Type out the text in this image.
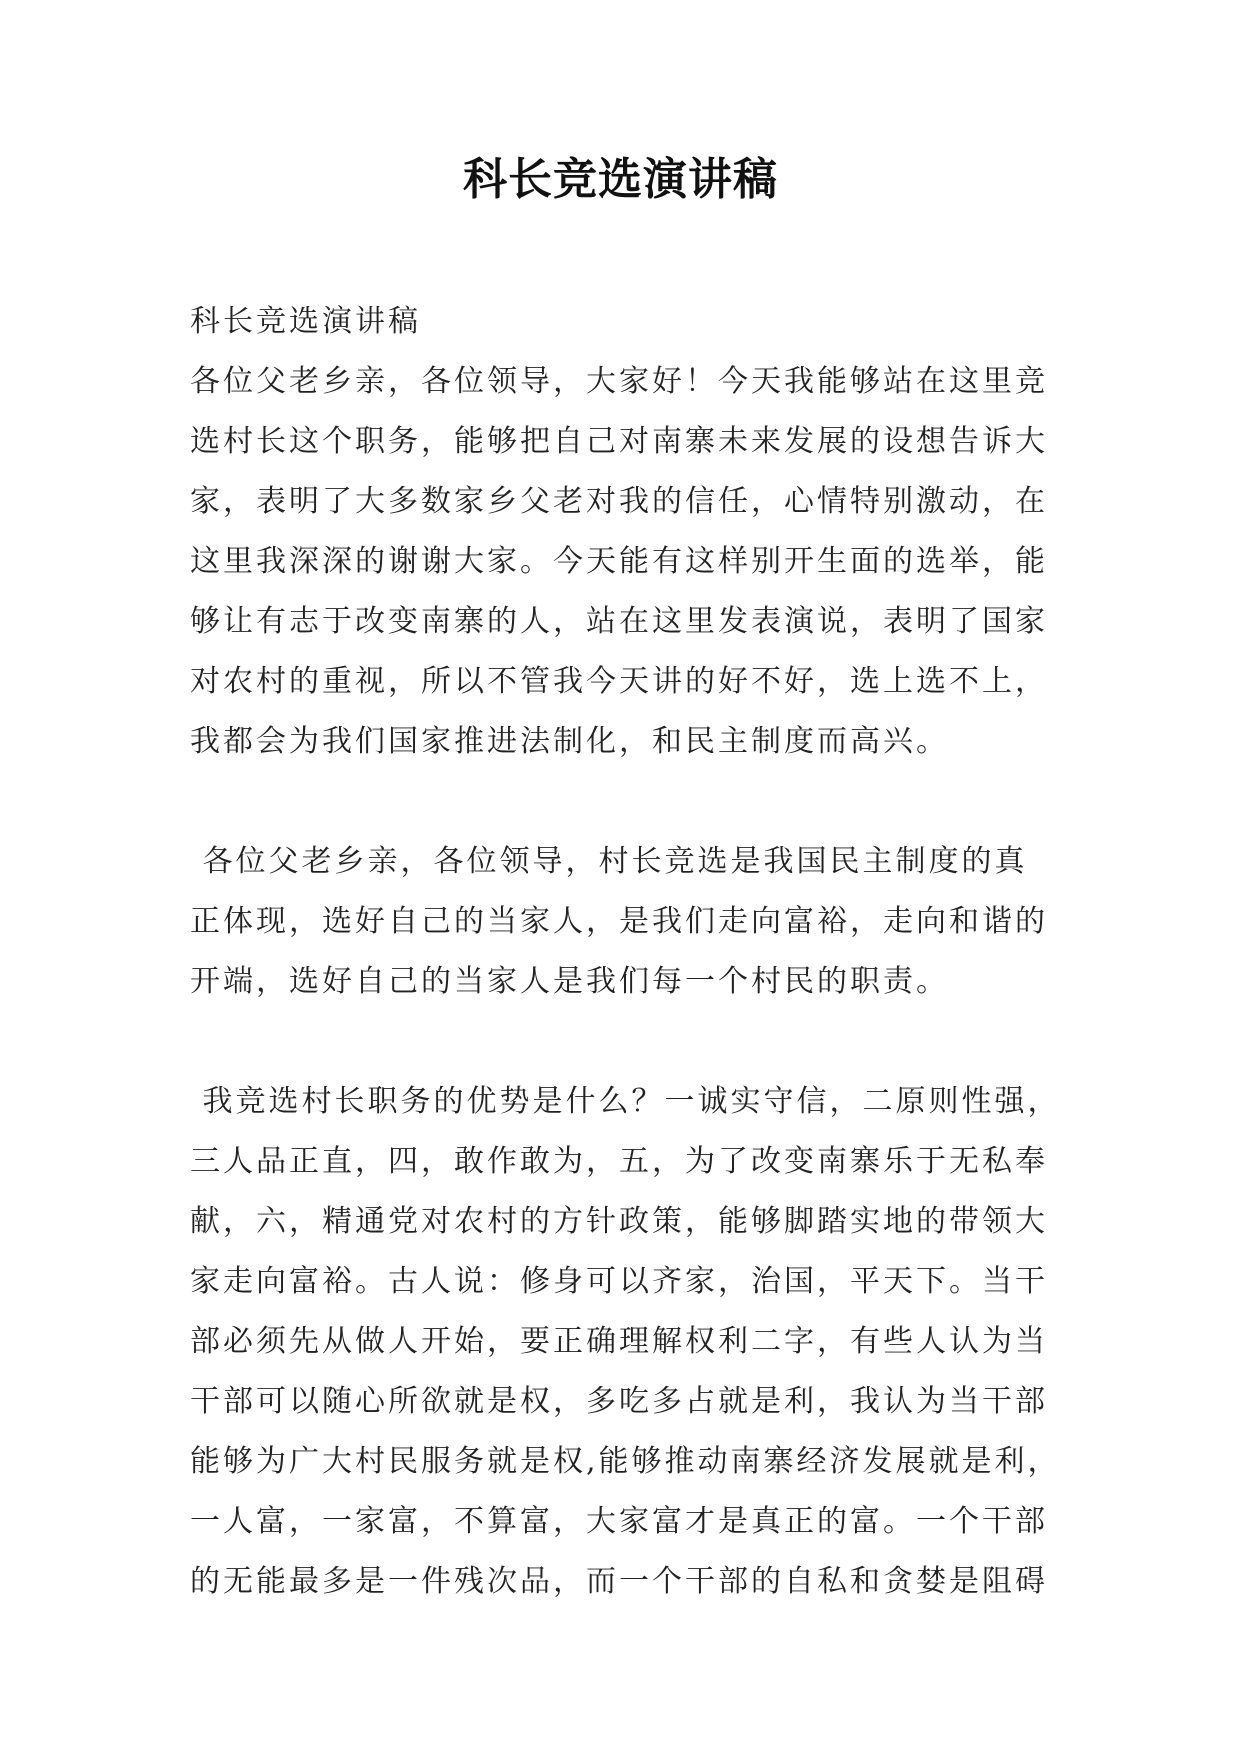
科长竞选演讲稿
科长竞选演讲稿
各位父老乡亲，各位领导，大家好！今天我能够站在这里竞
选村长这个职务，能够把自己对南寨未来发展的设想告诉大
家，表明了大多数家乡父老对我的信任，心情特别激动，在
这里我深深的谢谢大家。今天能有这样别开生面的选举，能
够让有志于改变南寨的人，站在这里发表演说，表明了国家
对农村的重视，所以不管我今天讲的好不好，选上选不上，
我都会为我们国家推进法制化，和民主制度而高兴。
各位父老乡亲，各位领导，村长竞选是我国民主制度的真
正体现，选好自己的当家人，是我们走向富裕，走向和谐的
开端，选好自己的当家人是我们每一个村民的职责。
我竞选村长职务的优势是什么？一诚实守信，二原则性强，
三人品正直，四，敢作敢为，五，为了改变南寨乐于无私奉
献，六，精通党对农村的方针政策，能够脚踏实地的带领大
家走向富裕。古人说：修身可以齐家，治国，平天下。当干
部必须先从做人开始，要正确理解权利二字，有些人认为当
干部可以随心所欲就是权，多吃多占就是利，我认为当干部
能够为广大村民服务就是权,能够推动南寨经济发展就是利，
一人富，一家富，不算富，大家富才是真正的富。一个干部
的无能最多是一件残次品，而一个干部的自私和贪婪是阻碍
